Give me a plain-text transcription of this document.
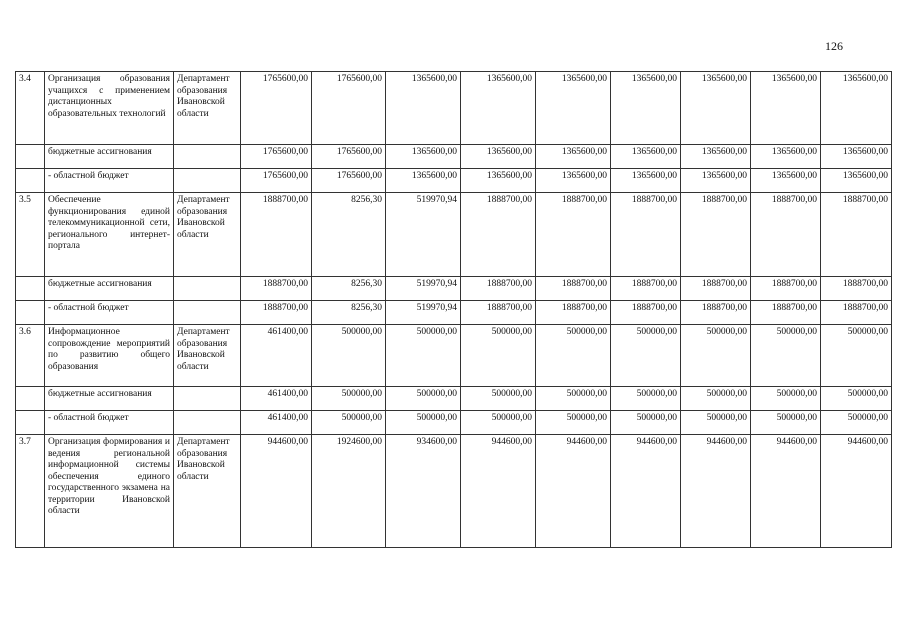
126
3.4	Организация образования учащихся с применением дистанционных образовательных технологий	Департамент образования Ивановской области	1765600,00	1765600,00	1365600,00	1365600,00	1365600,00	1365600,00	1365600,00	1365600,00	1365600,00
	бюджетные ассигнования		1765600,00	1765600,00	1365600,00	1365600,00	1365600,00	1365600,00	1365600,00	1365600,00	1365600,00
	- областной бюджет		1765600,00	1765600,00	1365600,00	1365600,00	1365600,00	1365600,00	1365600,00	1365600,00	1365600,00
3.5	Обеспечение функционирования единой телекоммуникационной сети, регионального интернет-портала	Департамент образования Ивановской области	1888700,00	8256,30	519970,94	1888700,00	1888700,00	1888700,00	1888700,00	1888700,00	1888700,00
	бюджетные ассигнования		1888700,00	8256,30	519970,94	1888700,00	1888700,00	1888700,00	1888700,00	1888700,00	1888700,00
	- областной бюджет		1888700,00	8256,30	519970,94	1888700,00	1888700,00	1888700,00	1888700,00	1888700,00	1888700,00
3.6	Информационное сопровождение мероприятий по развитию общего образования	Департамент образования Ивановской области	461400,00	500000,00	500000,00	500000,00	500000,00	500000,00	500000,00	500000,00	500000,00
	бюджетные ассигнования		461400,00	500000,00	500000,00	500000,00	500000,00	500000,00	500000,00	500000,00	500000,00
	- областной бюджет		461400,00	500000,00	500000,00	500000,00	500000,00	500000,00	500000,00	500000,00	500000,00
3.7	Организация формирования и ведения региональной информационной системы обеспечения единого государственного экзамена на территории Ивановской области	Департамент образования Ивановской области	944600,00	1924600,00	934600,00	944600,00	944600,00	944600,00	944600,00	944600,00	944600,00
